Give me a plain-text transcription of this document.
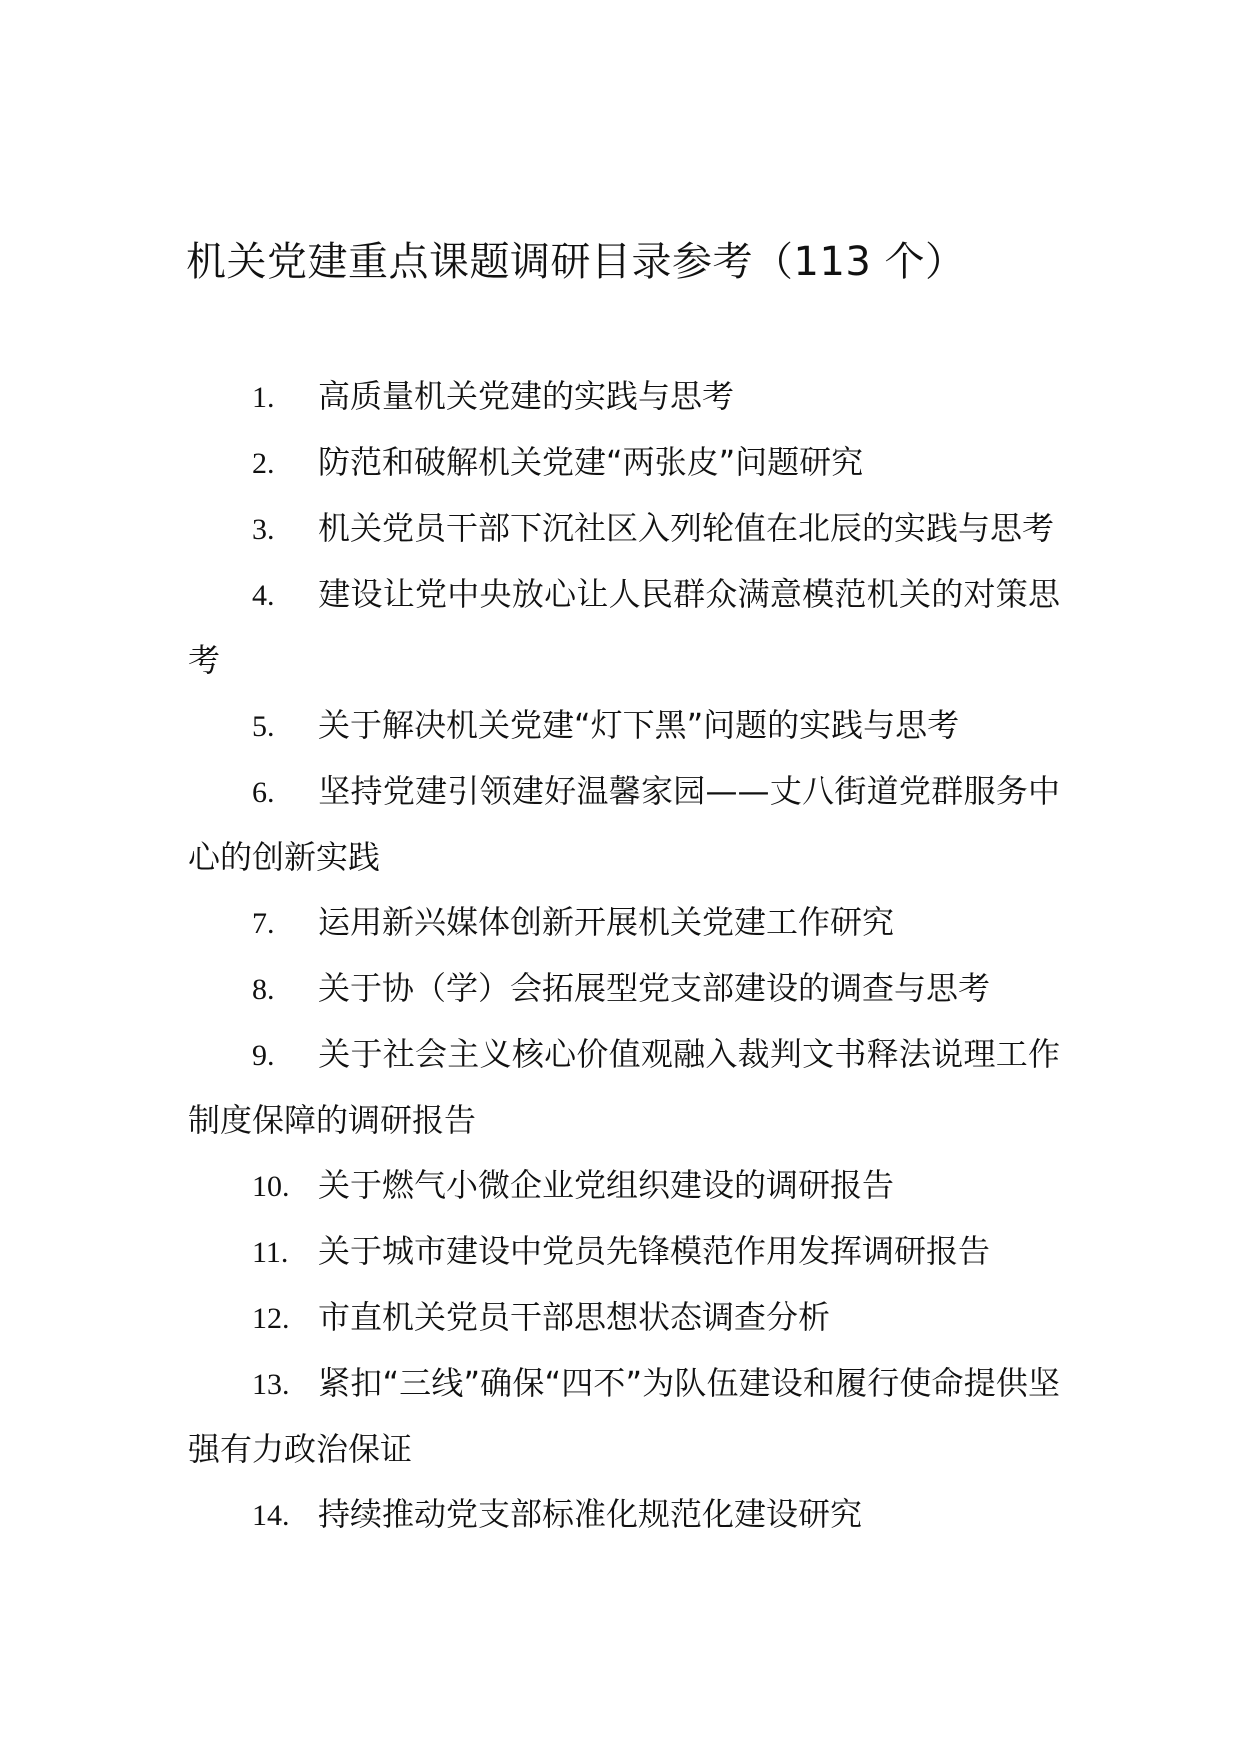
机关党建重点课题调研目录参考（113 个）
1. 高质量机关党建的实践与思考
2. 防范和破解机关党建“两张皮”问题研究
3. 机关党员干部下沉社区入列轮值在北辰的实践与思考
4. 建设让党中央放心让人民群众满意模范机关的对策思考
5. 关于解决机关党建“灯下黑”问题的实践与思考
6. 坚持党建引领建好温馨家园——丈八街道党群服务中心的创新实践
7. 运用新兴媒体创新开展机关党建工作研究
8. 关于协（学）会拓展型党支部建设的调查与思考
9. 关于社会主义核心价值观融入裁判文书释法说理工作制度保障的调研报告
10. 关于燃气小微企业党组织建设的调研报告
11. 关于城市建设中党员先锋模范作用发挥调研报告
12. 市直机关党员干部思想状态调查分析
13. 紧扣“三线”确保“四不”为队伍建设和履行使命提供坚强有力政治保证
14. 持续推动党支部标准化规范化建设研究
